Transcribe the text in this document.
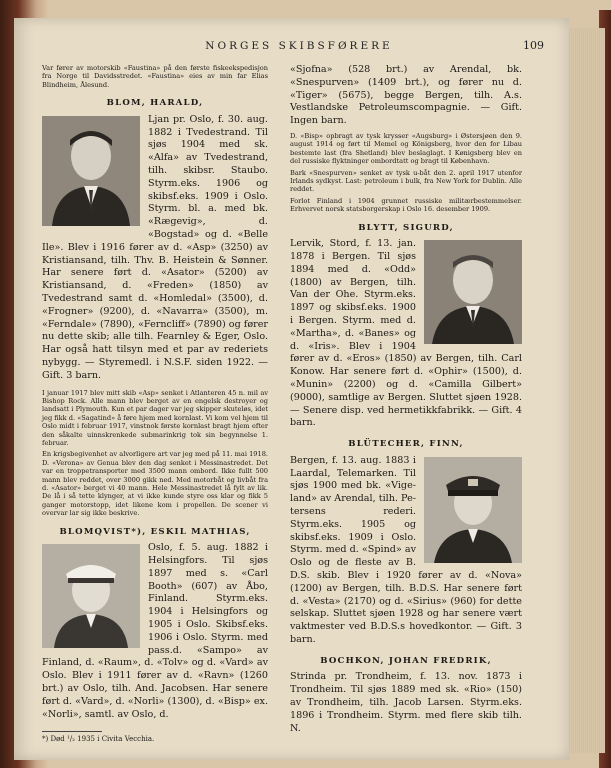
NORGES SKIBSFØRERE	109

Var fører av motorskib «Faustina» på den første fiskeekspedisjon fra Norge til Davidsstredet. «Faustina» eies av min far Elias Blindheim, Ålesund.

BLOM, HARALD,

Ljan pr. Oslo, f. 30. aug. 1882 i Tvedestrand. Til sjøs 1904 med sk. «Alfa» av Tvedestrand, tilh. skibsr. Staubo. Styrm.eks. 1906 og skibsf.eks. 1909 i Oslo. Styrm. bl. a. med bk. «Rægevig», d. «Bogstad» og d. «Belle Ile». Blev i 1916 fører av d. «Asp» (3250) av Kristiansand, tilh. Thv. B. Heistein & Sønner. Har senere ført d. «Asator» (5200) av Kristiansand, d. «Freden» (1850) av Tvedestrand samt d. «Homledal» (3500), d. «Frogner» (9200), d. «Navarra» (3500), m. «Ferndale» (7890), «Ferncliff» (7890) og fører nu dette skib; alle tilh. Fearnley & Eger, Oslo. Har også hatt tilsyn med et par av rederiets nybygg. — Styremedl. i N.S.F. siden 1922. — Gift. 3 barn.

I januar 1917 blev mitt skib «Asp» senket i Atlanteren 45 n. mil av Bishop Rock. Alle mann blev berget av en engelsk destroyer og landsatt i Plymouth. Kun et par dager var jeg skipper skuteløs, idet jeg fikk d. «Sagatind» å føre hjem med kornlast. Vi kom vel hjem til Oslo midt i februar 1917, vinstnok første kornlast bragt hjem efter den såkalte uinnskrenkede submarinkrig tok sin begynnelse 1. februar.

En krigsbegivenhet av alvorligere art var jeg med på 11. mai 1918. D. «Verona» av Genua blev den dag senket i Messinastredet. Det var en troppetransporter med 3500 mann ombord. Ikke fullt 500 mann blev reddet, over 3000 gikk ned. Med motorbåt og livbåt fra d. «Asator» berget vi 40 mann. Hele Messinastredet lå fylt av lik. De lå i så tette klynger, at vi ikke kunde styre oss klar og fikk 5 ganger motorstopp, idet likene kom i propellen. De scener vi overvar lar sig ikke beskrive.

BLOMQVIST*), ESKIL MATHIAS,

Oslo, f. 5. aug. 1882 i Helsingfors. Til sjøs 1897 med s. «Carl Booth» (607) av Åbo, Finland. Styrm.eks. 1904 i Helsingfors og 1905 i Oslo. Skibsf.eks. 1906 i Oslo. Styrm. med pass.d. «Sampo» av Finland, d. «Raum», d. «Tolv» og d. «Vard» av Oslo. Blev i 1911 fører av d. «Ravn» (1260 brt.) av Oslo, tilh. And. Jacobsen. Har senere ført d. «Vard», d. «Norli» (1300), d. «Bisp» ex. «Norli», samtl. av Oslo, d.

*) Død ¹/₂ 1935 i Civita Vecchia.

«Sjofna» (528 brt.) av Arendal, bk. «Snespurven» (1409 brt.), og fører nu d. «Tiger» (5675), begge Bergen, tilh. A.s. Vestlandske Petroleumscompagnie. — Gift. Ingen barn.

D. «Bisp» opbragt av tysk krysser «Augsburg» i Østersjøen den 9. august 1914 og ført til Memel og Königsberg, hvor den for Libau bestemte last (fra Shetland) blev beslaglagt. I Kønigsberg blev en del russiske flyktninger ombordtatt og bragt til København.

Bark «Snespurven» senket av tysk u-båt den 2. april 1917 utenfor Irlands sydkyst. Last: petroleum i bulk, fra New York for Dublin. Alle reddet.

Forlot Finland i 1904 grunnet russiske militærbestemmelser. Erhvervet norsk statsborgerskap i Oslo 16. desember 1909.

BLYTT, SIGURD,

Lervik, Stord, f. 13. jan. 1878 i Bergen. Til sjøs 1894 med d. «Odd» (1800) av Bergen, tilh. Van der Ohe. Styrm.eks. 1897 og skibsf.eks. 1900 i Bergen. Styrm. med d. «Martha», d. «Banes» og d. «Iris». Blev i 1904 fører av d. «Eros» (1850) av Bergen, tilh. Carl Konow. Har senere ført d. «Ophir» (1500), d. «Munin» (2200) og d. «Camilla Gilbert» (9000), samtlige av Bergen. Sluttet sjøen 1928. — Senere disp. ved hermetikkfabrikk. — Gift. 4 barn.

BLÜTECHER, FINN,

Bergen, f. 13. aug. 1883 i Laardal, Telemarken. Til sjøs 1900 med bk. «Vigeland» av Arendal, tilh. Petersens rederi. Styrm.eks. 1905 og skibsf.eks. 1909 i Oslo. Styrm. med d. «Spind» av Oslo og de fleste av B. D.S. skib. Blev i 1920 fører av d. «Nova» (1200) av Bergen, tilh. B.D.S. Har senere ført d. «Vesta» (2170) og d. «Sirius» (960) for dette selskap. Sluttet sjøen 1928 og har senere vært vaktmester ved B.D.S.s hovedkontor. — Gift. 3 barn.

BOCHKON, JOHAN FREDRIK,

Strinda pr. Trondheim, f. 13. nov. 1873 i Trondheim. Til sjøs 1889 med sk. «Rio» (150) av Trondheim, tilh. Jacob Larsen. Styrm.eks. 1896 i Trondheim. Styrm. med flere skib tilh. N.
